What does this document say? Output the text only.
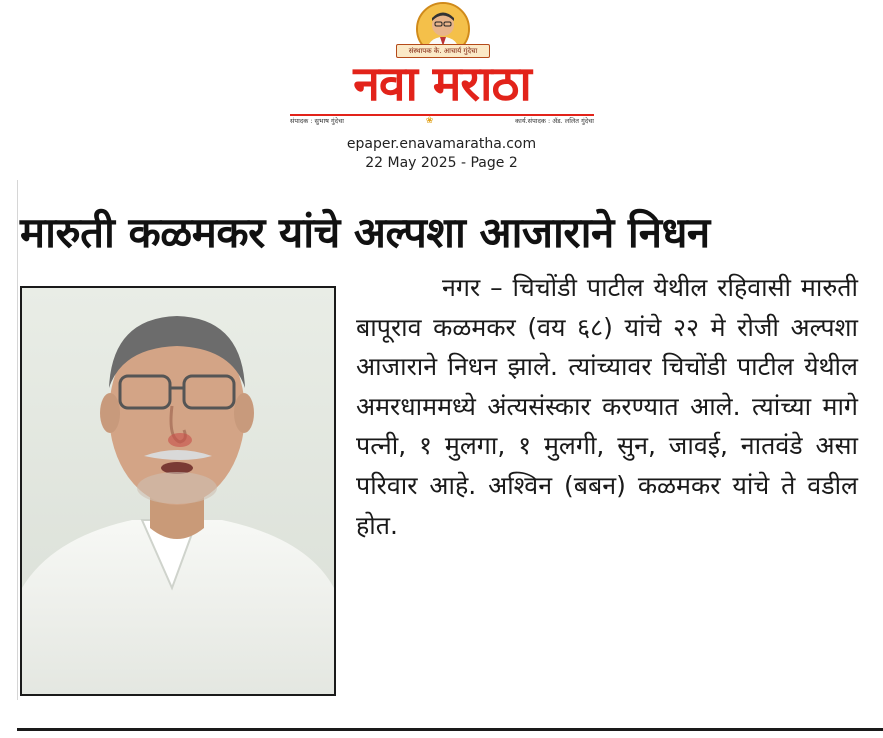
संस्थापक के. आचार्य गुंदेचा
नवा मराठा
संपादक : सुभाष गुंदेचा	❀	कार्य.संपादक : ॲड. ललित गुंदेचा
epaper.enavamaratha.com
22 May 2025 - Page 2
मारुती कळमकर यांचे अल्पशा आजाराने निधन

नगर – चिचोंडी पाटील येथील रहिवासी मारुती बापूराव कळमकर (वय ६८) यांचे २२ मे रोजी अल्पशा आजाराने निधन झाले. त्यांच्यावर चिचोंडी पाटील येथील अमरधाममध्ये अंत्यसंस्कार करण्यात आले. त्यांच्या मागे पत्नी, १ मुलगा, १ मुलगी, सुन, जावई, नातवंडे असा परिवार आहे. अश्विन (बबन) कळमकर यांचे ते वडील होत.
